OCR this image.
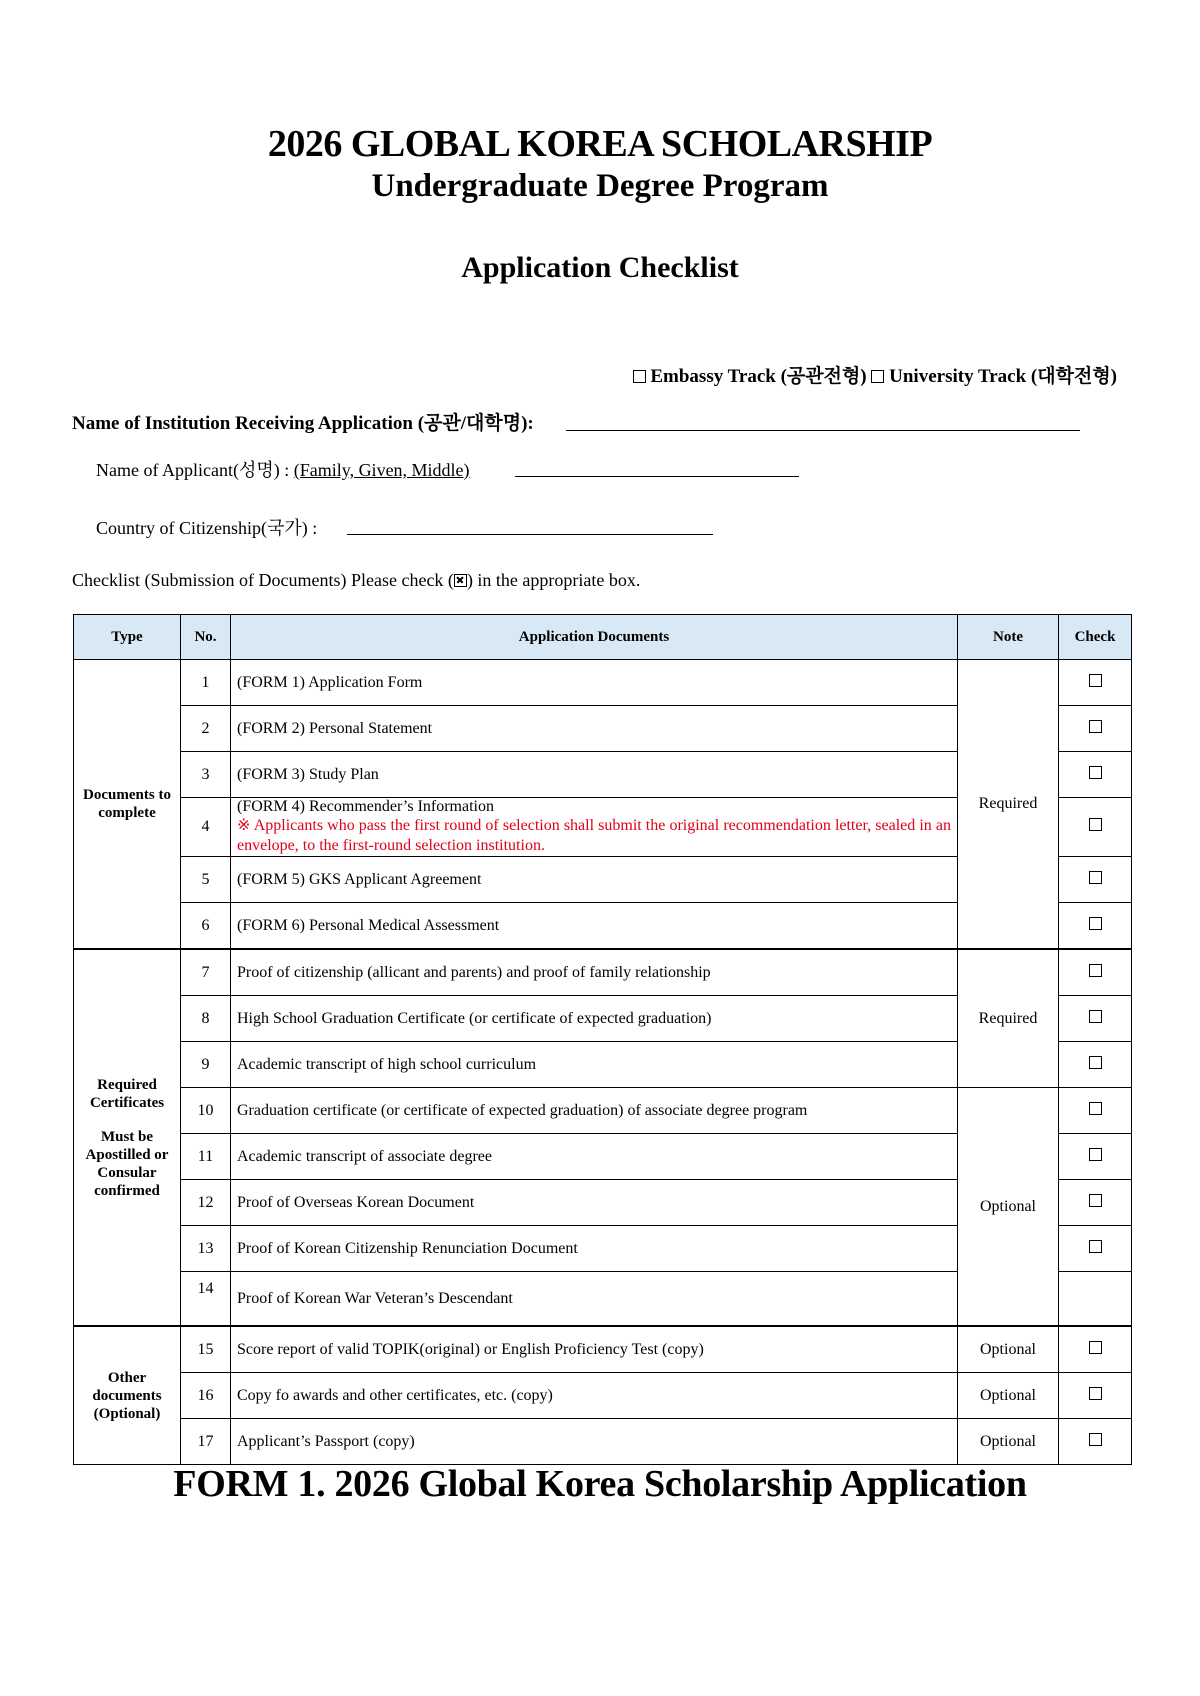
2026 GLOBAL KOREA SCHOLARSHIP
Undergraduate Degree Program
Application Checklist
Embassy Track (공관전형) University Track (대학전형)
Name of Institution Receiving Application (공관/대학명):
Name of Applicant(성명) : (Family, Given, Middle)
Country of Citizenship(국가) :
Checklist (Submission of Documents) Please check ( ) in the appropriate box.
Type	No.	Application Documents	Note	Check
Documents to complete	1	(FORM 1) Application Form	Required	
	2	(FORM 2) Personal Statement		
	3	(FORM 3) Study Plan		
	4	(FORM 4) Recommender’s Information
※ Applicants who pass the first round of selection shall submit the original recommendation letter, sealed in an envelope, to the first-round selection institution.		

	5	(FORM 5) GKS Applicant Agreement		
	6	(FORM 6) Personal Medical Assessment		

Required Certificates
Must be Apostilled or Consular confirmed	7	Proof of citizenship (allicant and parents) and proof of family relationship	Required	
	8	High School Graduation Certificate (or certificate of expected graduation)		
	9	Academic transcript of high school curriculum		
	10	Graduation certificate (or certificate of expected graduation) of associate degree program	Optional	
	11	Academic transcript of associate degree		
	12	Proof of Overseas Korean Document		
	13	Proof of Korean Citizenship Renunciation Document		
	14	Proof of Korean War Veteran’s Descendant		
Other documents (Optional)	15	Score report of valid TOPIK(original) or English Proficiency Test (copy)	Optional	
	16	Copy fo awards and other certificates, etc. (copy)	Optional	
	17	Applicant’s Passport (copy)	Optional	
FORM 1. 2026 Global Korea Scholarship Application
